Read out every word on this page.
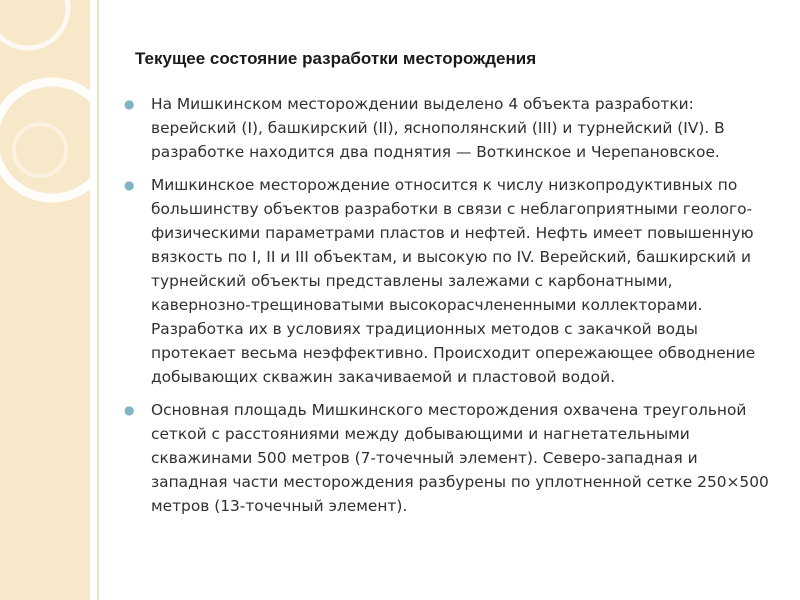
Текущее состояние разработки месторождения
● На Мишкинском месторождении выделено 4 объекта разработки: верейский (I), башкирский (II), яснополянский (III) и турнейский (IV). В разработке находится два поднятия — Воткинское и Черепановское.
● Мишкинское месторождение относится к числу низкопродуктивных по большинству объектов разработки в связи с неблагоприятными геолого-физическими параметрами пластов и нефтей. Нефть имеет повышенную вязкость по I, II и III объектам, и высокую по IV. Верейский, башкирский и турнейский объекты представлены залежами с карбонатными, кавернозно-трещиноватыми высокорасчлененными коллекторами. Разработка их в условиях традиционных методов с закачкой воды протекает весьма неэффективно. Происходит опережающее обводнение добывающих скважин закачиваемой и пластовой водой.
● Основная площадь Мишкинского месторождения охвачена треугольной сеткой с расстояниями между добывающими и нагнетательными скважинами 500 метров (7-точечный элемент). Северо-западная и западная части месторождения разбурены по уплотненной сетке 250×500 метров (13-точечный элемент).
